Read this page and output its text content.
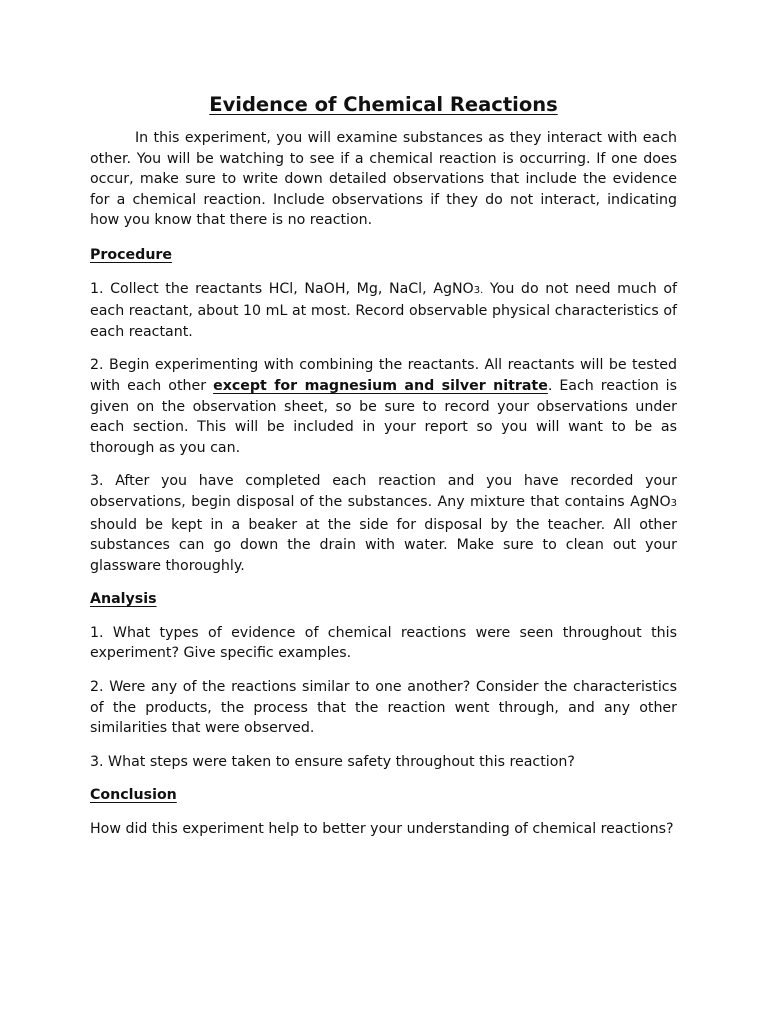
Evidence of Chemical Reactions

In this experiment, you will examine substances as they interact with each other. You will be watching to see if a chemical reaction is occurring. If one does occur, make sure to write down detailed observations that include the evidence for a chemical reaction. Include observations if they do not interact, indicating how you know that there is no reaction.

Procedure

1. Collect the reactants HCl, NaOH, Mg, NaCl, AgNO3. You do not need much of each reactant, about 10 mL at most. Record observable physical characteristics of each reactant.

2. Begin experimenting with combining the reactants. All reactants will be tested with each other except for magnesium and silver nitrate. Each reaction is given on the observation sheet, so be sure to record your observations under each section. This will be included in your report so you will want to be as thorough as you can.

3. After you have completed each reaction and you have recorded your observations, begin disposal of the substances. Any mixture that contains AgNO3 should be kept in a beaker at the side for disposal by the teacher. All other substances can go down the drain with water. Make sure to clean out your glassware thoroughly.

Analysis

1. What types of evidence of chemical reactions were seen throughout this experiment? Give specific examples.

2. Were any of the reactions similar to one another? Consider the characteristics of the products, the process that the reaction went through, and any other similarities that were observed.

3. What steps were taken to ensure safety throughout this reaction?

Conclusion

How did this experiment help to better your understanding of chemical reactions?
